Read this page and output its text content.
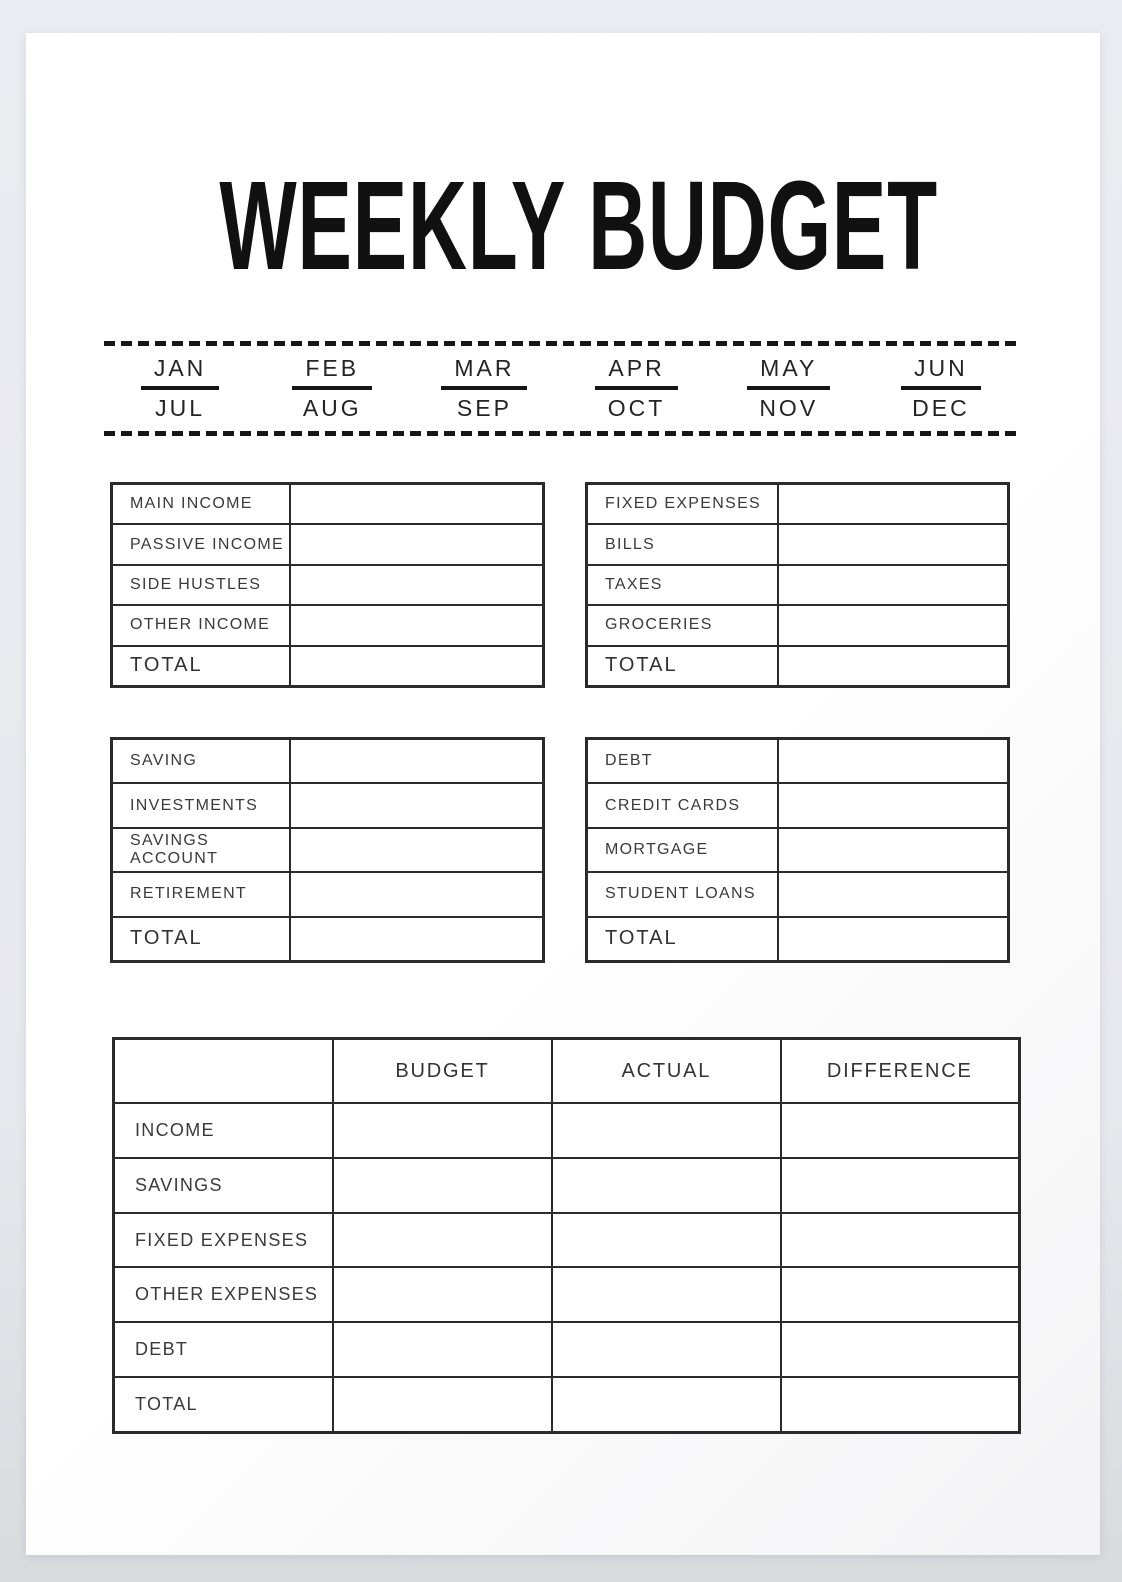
WEEKLY BUDGET
JAN
JUL
FEB
AUG
MAR
SEP
APR
OCT
MAY
NOV
JUN
DEC
MAIN INCOME
PASSIVE INCOME
SIDE HUSTLES
OTHER INCOME
TOTAL
FIXED EXPENSES
BILLS
TAXES
GROCERIES
TOTAL
SAVING
INVESTMENTS
SAVINGS ACCOUNT
RETIREMENT
TOTAL
DEBT
CREDIT CARDS
MORTGAGE
STUDENT LOANS
TOTAL
BUDGET	ACTUAL	DIFFERENCE
INCOME
SAVINGS
FIXED EXPENSES
OTHER EXPENSES
DEBT
TOTAL
